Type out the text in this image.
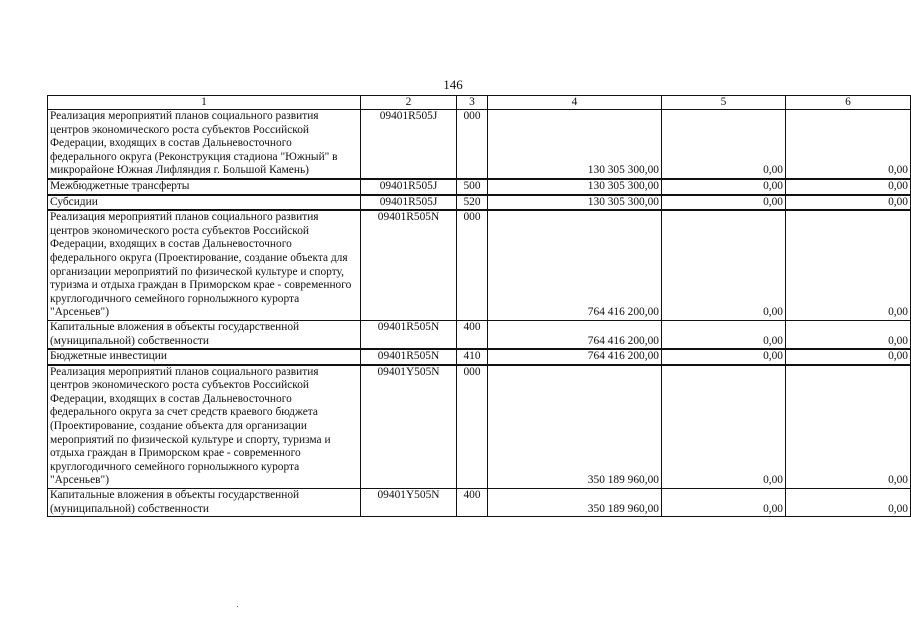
146
1	2	3	4	5	6
Реализация мероприятий планов социального развития центров экономического роста субъектов Российской Федерации, входящих в состав Дальневосточного федерального округа (Реконструкция стадиона "Южный" в микрорайоне Южная Лифляндия г. Большой Камень)	09401R505J	000	130 305 300,00	0,00	0,00
Межбюджетные трансферты	09401R505J	500	130 305 300,00	0,00	0,00
Субсидии	09401R505J	520	130 305 300,00	0,00	0,00
Реализация мероприятий планов социального развития центров экономического роста субъектов Российской Федерации, входящих в состав Дальневосточного федерального округа (Проектирование, создание объекта для организации мероприятий по физической культуре и спорту, туризма и отдыха граждан в Приморском крае - современного круглогодичного семейного горнолыжного курорта "Арсеньев")	09401R505N	000	764 416 200,00	0,00	0,00
Капитальные вложения в объекты государственной (муниципальной) собственности	09401R505N	400	764 416 200,00	0,00	0,00
Бюджетные инвестиции	09401R505N	410	764 416 200,00	0,00	0,00
Реализация мероприятий планов социального развития центров экономического роста субъектов Российской Федерации, входящих в состав Дальневосточного федерального округа за счет средств краевого бюджета (Проектирование, создание объекта для организации мероприятий по физической культуре и спорту, туризма и отдыха граждан в Приморском крае - современного круглогодичного семейного горнолыжного курорта "Арсеньев")	09401Y505N	000	350 189 960,00	0,00	0,00
Капитальные вложения в объекты государственной (муниципальной) собственности	09401Y505N	400	350 189 960,00	0,00	0,00
